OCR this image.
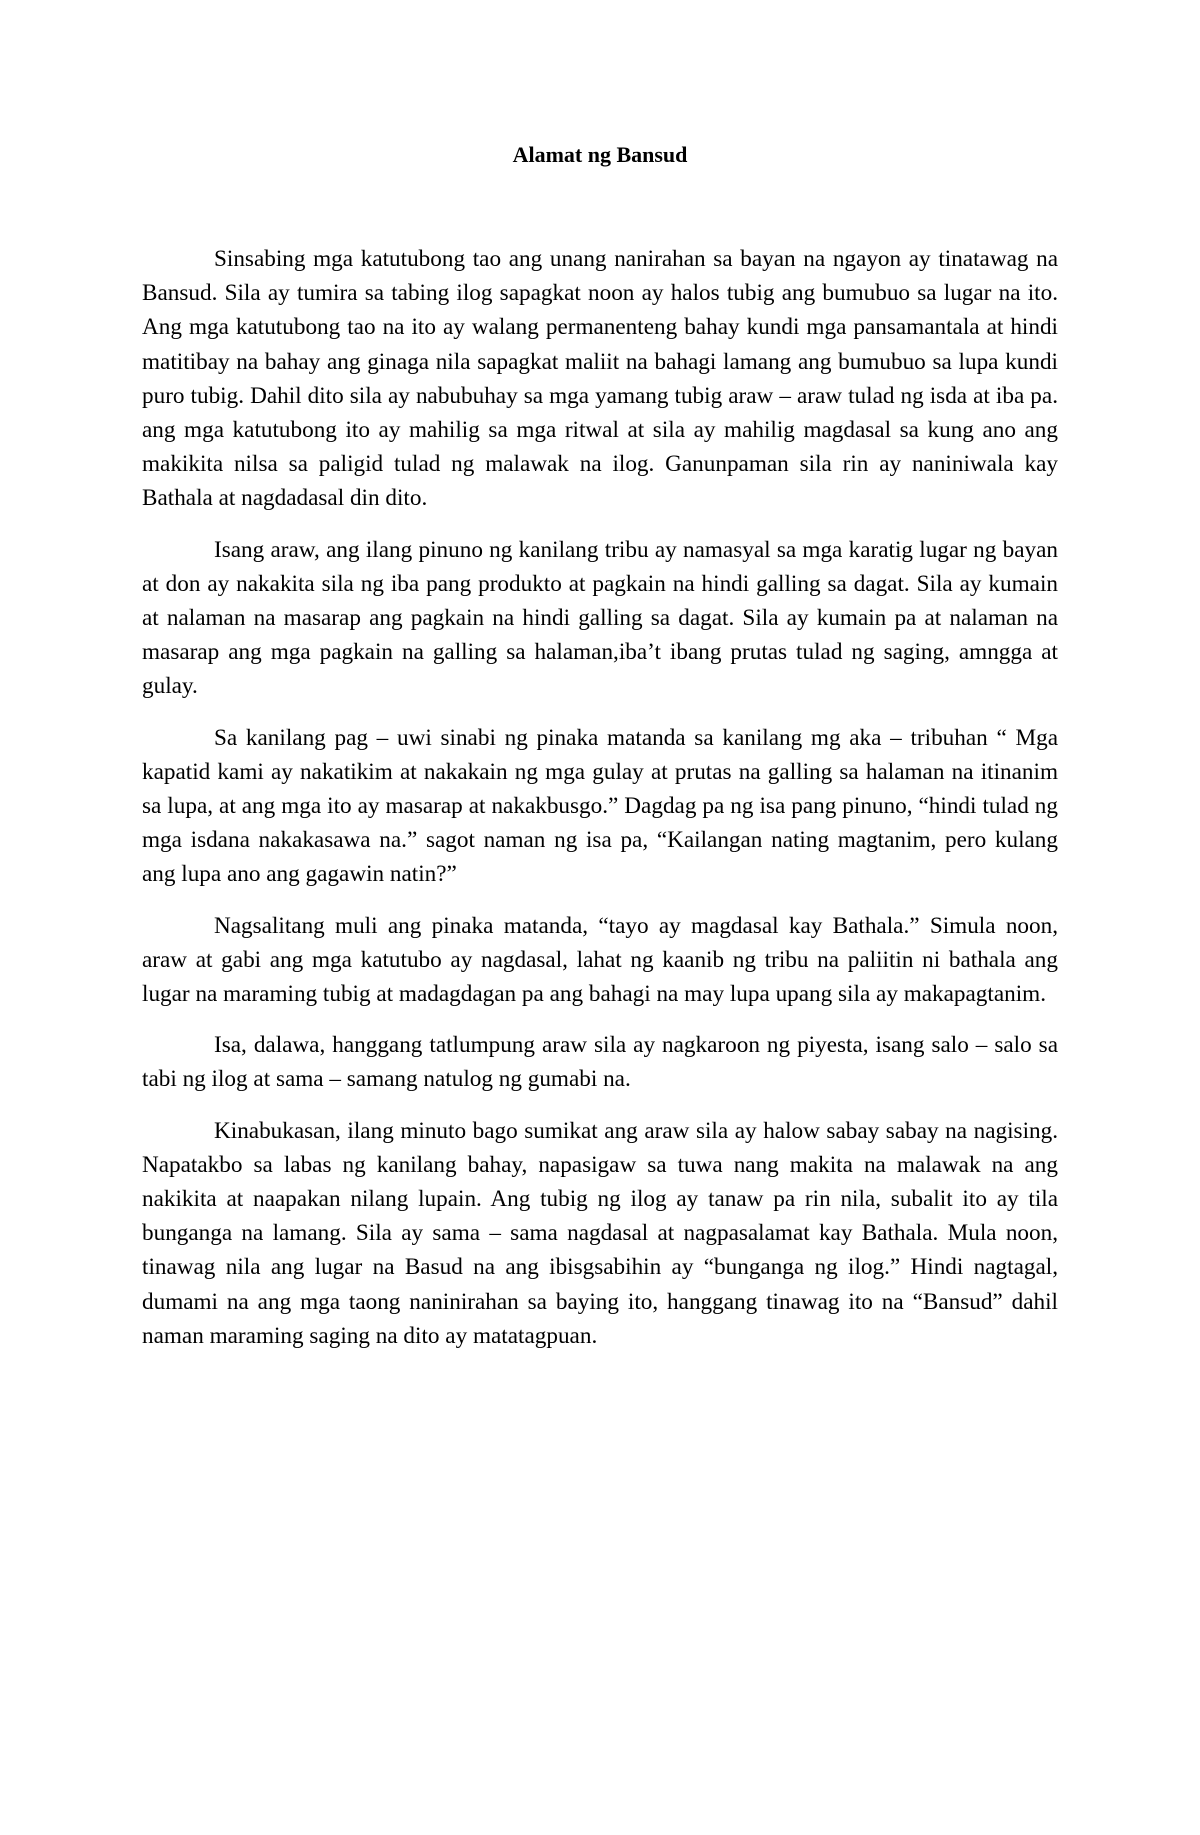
Alamat ng Bansud

Sinsabing mga katutubong tao ang unang nanirahan sa bayan na ngayon ay tinatawag na Bansud. Sila ay tumira sa tabing ilog sapagkat noon ay halos tubig ang bumubuo sa lugar na ito. Ang mga katutubong tao na ito ay walang permanenteng bahay kundi mga pansamantala at hindi matitibay na bahay ang ginaga nila sapagkat maliit na bahagi lamang ang bumubuo sa lupa kundi puro tubig. Dahil dito sila ay nabubuhay sa mga yamang tubig araw – araw tulad ng isda at iba pa. ang mga katutubong ito ay mahilig sa mga ritwal at sila ay mahilig magdasal sa kung ano ang makikita nilsa sa paligid tulad ng malawak na ilog. Ganunpaman sila rin ay naniniwala kay Bathala at nagdadasal din dito.

Isang araw, ang ilang pinuno ng kanilang tribu ay namasyal sa mga karatig lugar ng bayan at don ay nakakita sila ng iba pang produkto at pagkain na hindi galling sa dagat. Sila ay kumain at nalaman na masarap ang pagkain na hindi galling sa dagat. Sila ay kumain pa at nalaman na masarap ang mga pagkain na galling sa halaman,iba’t ibang prutas tulad ng saging, amngga at gulay.

Sa kanilang pag – uwi sinabi ng pinaka matanda sa kanilang mg aka – tribuhan “ Mga kapatid kami ay nakatikim at nakakain ng mga gulay at prutas na galling sa halaman na itinanim sa lupa, at ang mga ito ay masarap at nakakbusgo.” Dagdag pa ng isa pang pinuno, “hindi tulad ng mga isdana nakakasawa na.” sagot naman ng isa pa, “Kailangan nating magtanim, pero kulang ang lupa ano ang gagawin natin?”

Nagsalitang muli ang pinaka matanda, “tayo ay magdasal kay Bathala.” Simula noon, araw at gabi ang mga katutubo ay nagdasal, lahat ng kaanib ng tribu na paliitin ni bathala ang lugar na maraming tubig at madagdagan pa ang bahagi na may lupa upang sila ay makapagtanim.

Isa, dalawa, hanggang tatlumpung araw sila ay nagkaroon ng piyesta, isang salo – salo sa tabi ng ilog at sama – samang natulog ng gumabi na.

Kinabukasan, ilang minuto bago sumikat ang araw sila ay halow sabay sabay na nagising. Napatakbo sa labas ng kanilang bahay, napasigaw sa tuwa nang makita na malawak na ang nakikita at naapakan nilang lupain. Ang tubig ng ilog ay tanaw pa rin nila, subalit ito ay tila bunganga na lamang. Sila ay sama – sama nagdasal at nagpasalamat kay Bathala. Mula noon, tinawag nila ang lugar na Basud na ang ibisgsabihin ay “bunganga ng ilog.” Hindi nagtagal, dumami na ang mga taong naninirahan sa baying ito, hanggang tinawag ito na “Bansud” dahil naman maraming saging na dito ay matatagpuan.
